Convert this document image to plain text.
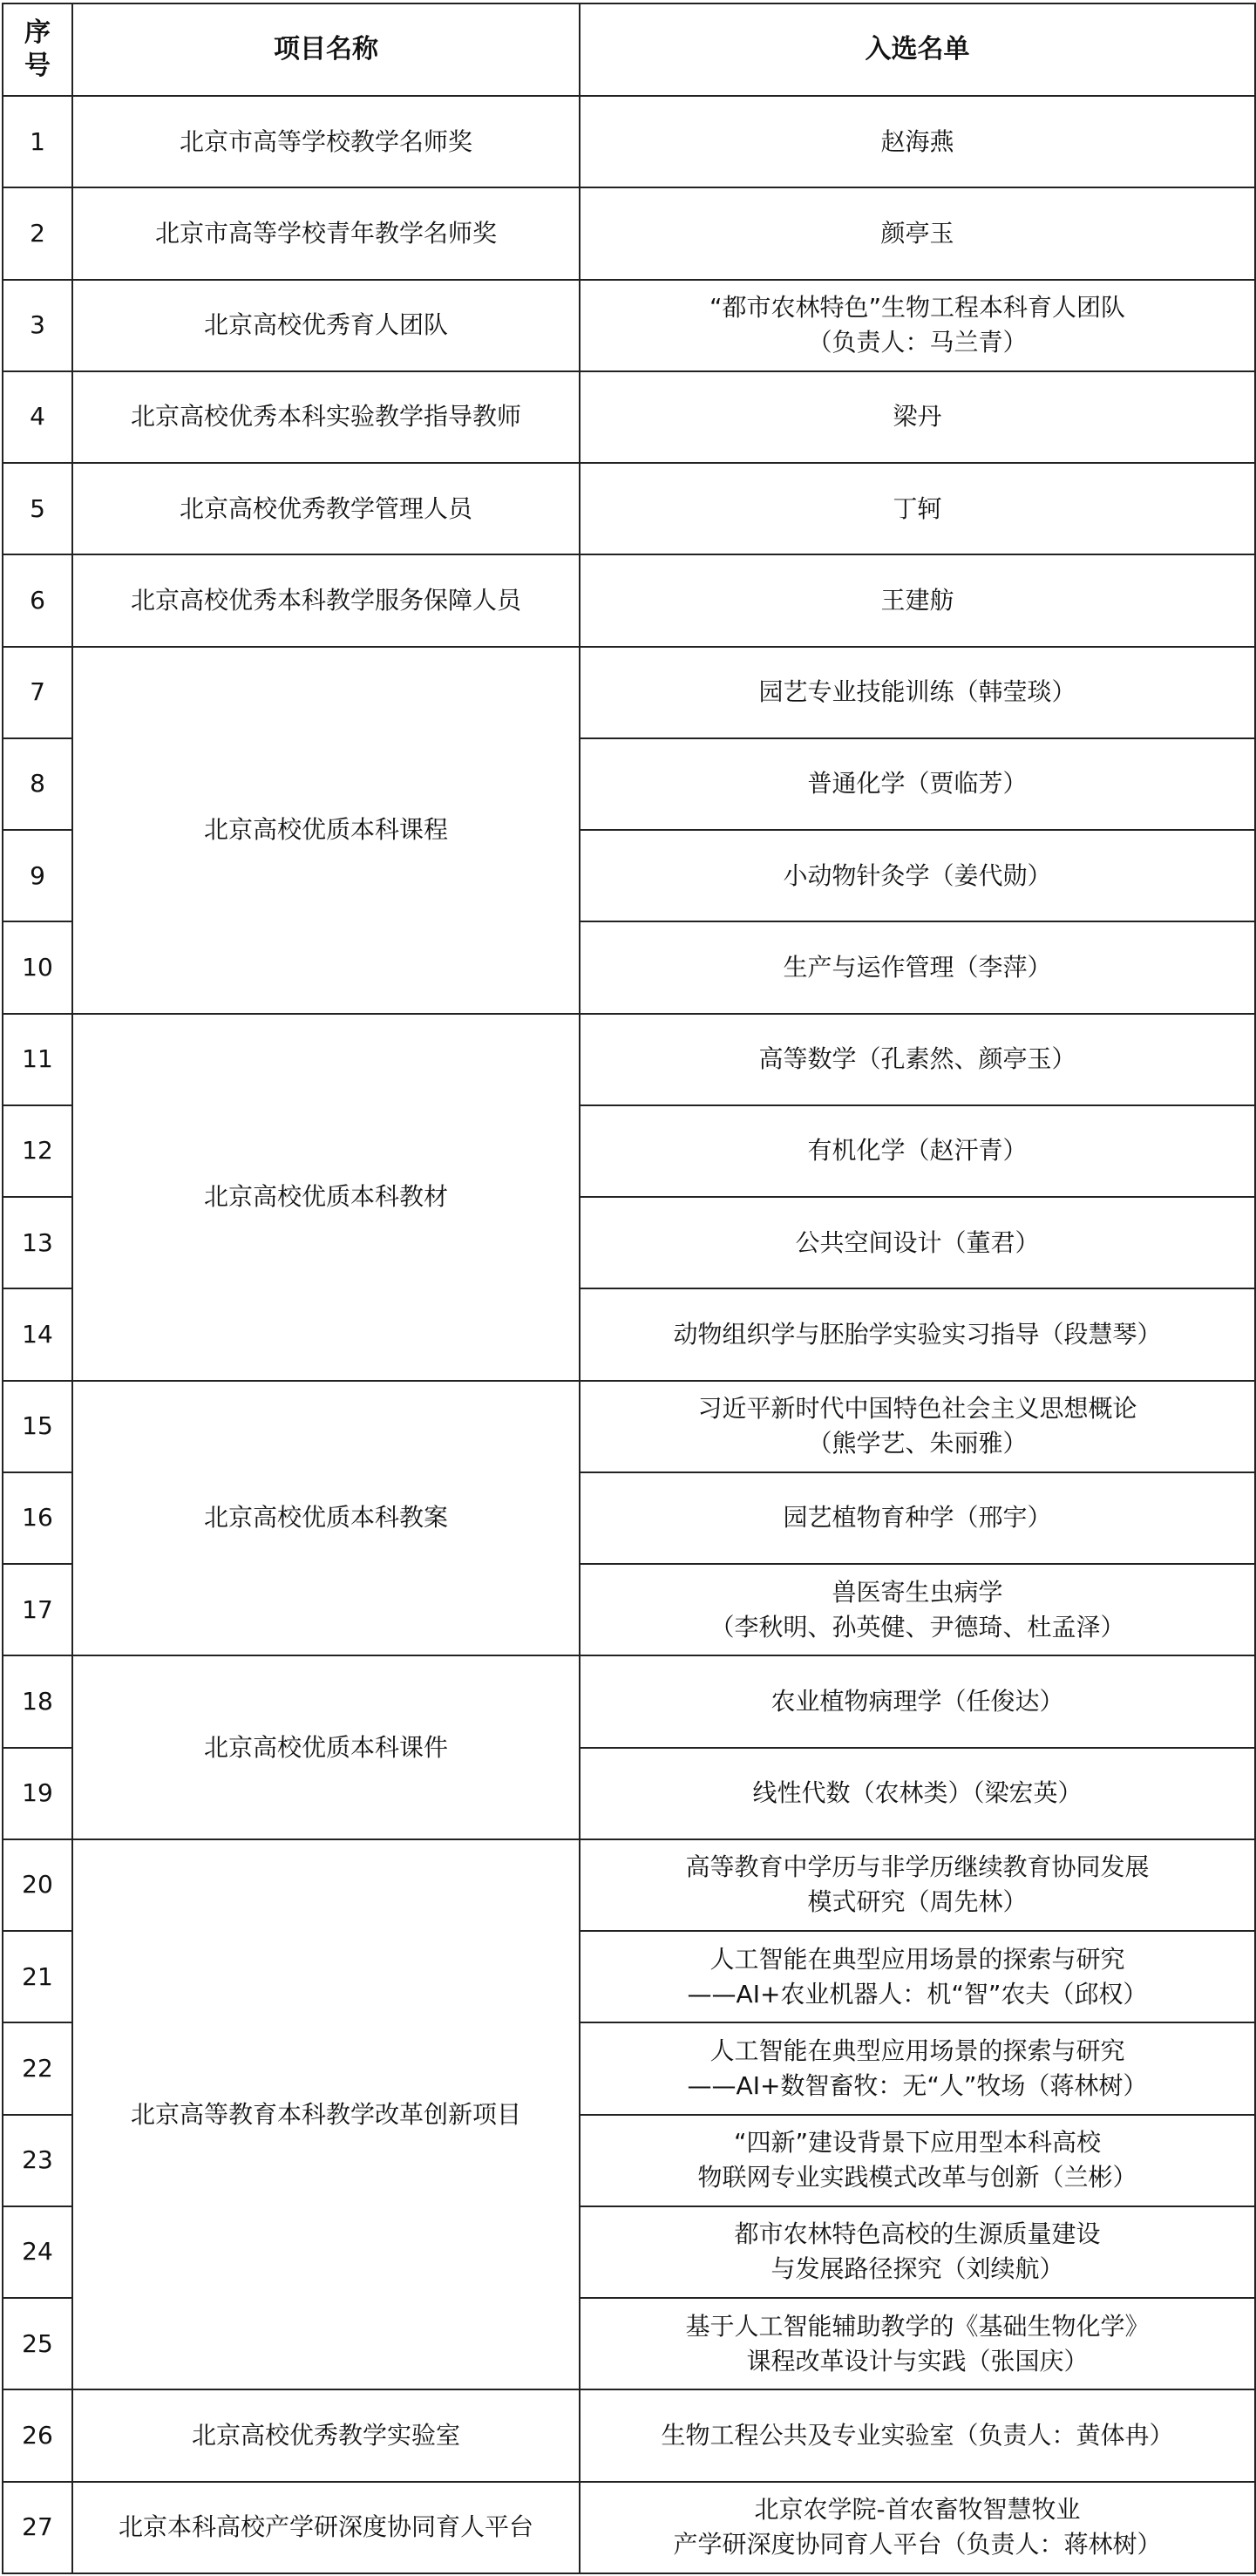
序
号	项目名称	入选名单
1	北京市高等学校教学名师奖	赵海燕
2	北京市高等学校青年教学名师奖	颜亭玉
3	北京高校优秀育人团队	“都市农林特色”生物工程本科育人团队
（负责人：马兰青）
4	北京高校优秀本科实验教学指导教师	梁丹
5	北京高校优秀教学管理人员	丁轲
6	北京高校优秀本科教学服务保障人员	王建舫
7	北京高校优质本科课程	园艺专业技能训练（韩莹琰）
8		普通化学（贾临芳）
9		小动物针灸学（姜代勋）
10		生产与运作管理（李萍）
11	北京高校优质本科教材	高等数学（孔素然、颜亭玉）
12		有机化学（赵汗青）
13		公共空间设计（董君）
14		动物组织学与胚胎学实验实习指导（段慧琴）
15	北京高校优质本科教案	习近平新时代中国特色社会主义思想概论
（熊学艺、朱丽雅）
16		园艺植物育种学（邢宇）
17		兽医寄生虫病学
（李秋明、孙英健、尹德琦、杜孟泽）
18	北京高校优质本科课件	农业植物病理学（任俊达）
19		线性代数（农林类）（梁宏英）
20	北京高等教育本科教学改革创新项目	高等教育中学历与非学历继续教育协同发展
模式研究（周先林）
21		人工智能在典型应用场景的探索与研究
——AI+农业机器人：机“智”农夫（邱权）
22		人工智能在典型应用场景的探索与研究
——AI+数智畜牧：无“人”牧场（蒋林树）
23		“四新”建设背景下应用型本科高校
物联网专业实践模式改革与创新（兰彬）
24		都市农林特色高校的生源质量建设
与发展路径探究（刘续航）
25		基于人工智能辅助教学的《基础生物化学》
课程改革设计与实践（张国庆）
26	北京高校优秀教学实验室	生物工程公共及专业实验室（负责人：黄体冉）
27	北京本科高校产学研深度协同育人平台	北京农学院-首农畜牧智慧牧业
产学研深度协同育人平台（负责人：蒋林树）
